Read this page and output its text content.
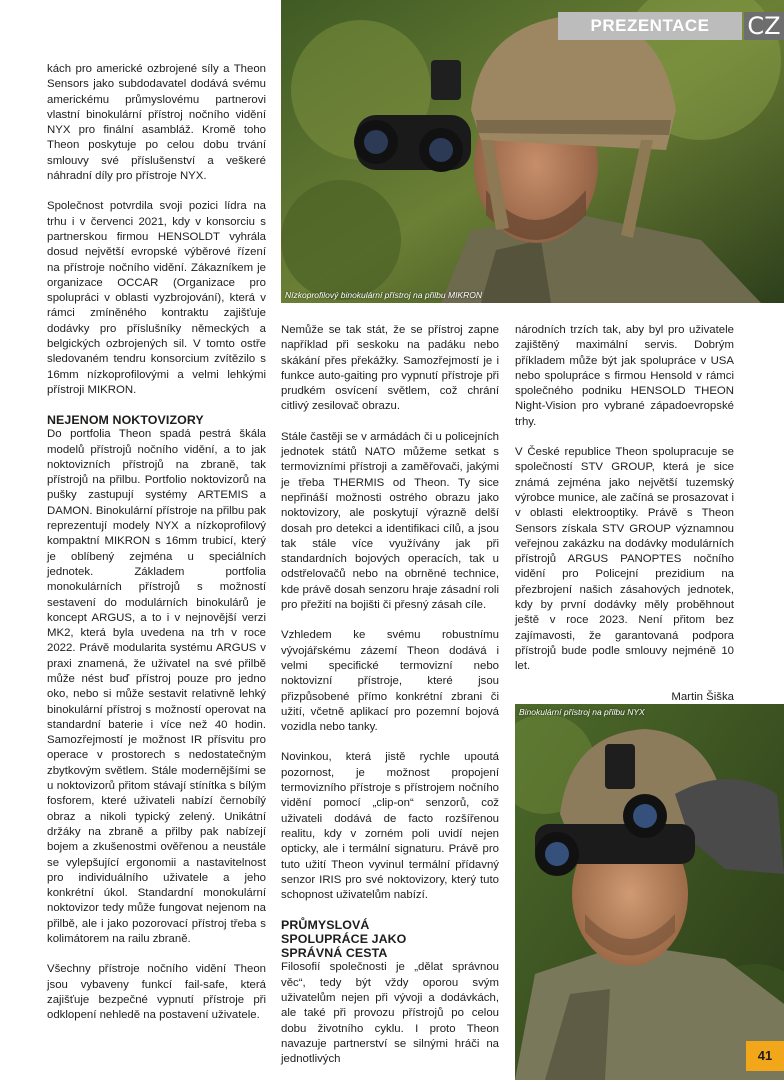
Nízkoprofilový binokulární přístroj na přilbu MIKRON
PREZENTACE	CZ

kách pro americké ozbrojené síly a Theon Sensors jako subdodavatel dodává svému americkému průmyslovému partnerovi vlastní binokulární přístroj nočního vidění NYX pro finální asambláž. Kromě toho Theon poskytuje po celou dobu trvání smlouvy své příslušenství a veškeré náhradní díly pro přístroje NYX.

Společnost potvrdila svoji pozici lídra na trhu i v červenci 2021, kdy v konsorciu s partnerskou firmou HENSOLDT vyhrála dosud největší evropské výběrové řízení na přístroje nočního vidění. Zákazníkem je organizace OCCAR (Organizace pro spolupráci v oblasti vyzbrojování), která v rámci zmíněného kontraktu zajišťuje dodávky pro příslušníky německých a belgických ozbrojených sil. V tomto ostře sledovaném tendru konsorcium zvítězilo s 16mm nízkoprofilovými a velmi lehkými přístroji MIKRON.

NEJENOM NOKTOVIZORY

Do portfolia Theon spadá pestrá škála modelů přístrojů nočního vidění, a to jak noktovizních přístrojů na zbraně, tak přístrojů na přilbu. Portfolio noktovizorů na pušky zastupují systémy ARTEMIS a DAMON. Binokulární přístroje na přilbu pak reprezentují modely NYX a nízkoprofilový kompaktní MIKRON s 16mm trubicí, který je oblíbený zejména u speciálních jednotek. Základem portfolia monokulárních přístrojů s možností sestavení do modulárních binokulárů je koncept ARGUS, a to i v nejnovější verzi MK2, která byla uvedena na trh v roce 2022. Právě modularita systému ARGUS v praxi znamená, že uživatel na své přilbě může nést buď přístroj pouze pro jedno oko, nebo si může sestavit relativně lehký binokulární přístroj s možností operovat na standardní baterie i více než 40 hodin. Samozřejmostí je možnost IR přísvitu pro operace v prostorech s nedostatečným zbytkovým světlem. Stále modernějšími se u noktovizorů přitom stávají stínítka s bílým fosforem, které uživateli nabízí černobílý obraz a nikoli typický zelený. Unikátní držáky na zbraně a přilby pak nabízejí bojem a zkušenostmi ověřenou a neustále se vylepšující ergonomii a nastavitelnost pro individuálního uživatele a jeho konkrétní úkol. Standardní monokulární noktovizor tedy může fungovat nejenom na přilbě, ale i jako pozorovací přístroj třeba s kolimátorem na railu zbraně.

Všechny přístroje nočního vidění Theon jsou vybaveny funkcí fail-safe, která zajišťuje bezpečné vypnutí přístroje při odklopení nehledě na postavení uživatele.

Nemůže se tak stát, že se přístroj zapne například při seskoku na padáku nebo skákání přes překážky. Samozřejmostí je i funkce auto-gaiting pro vypnutí přístroje při prudkém osvícení světlem, což chrání citlivý zesilovač obrazu.

Stále častěji se v armádách či u policejních jednotek států NATO můžeme setkat s termovizními přístroji a zaměřovači, jakými je třeba THERMIS od Theon. Ty sice nepřináší možnosti ostrého obrazu jako noktovizory, ale poskytují výrazně delší dosah pro detekci a identifikaci cílů, a jsou tak stále více využívány jak při standardních bojových operacích, tak u odstřelovačů nebo na obrněné technice, kde právě dosah senzoru hraje zásadní roli pro přežití na bojišti či přesný zásah cíle.

Vzhledem ke svému robustnímu vývojářskému zázemí Theon dodává i velmi specifické termovizní nebo noktovizní přístroje, které jsou přizpůsobené přímo konkrétní zbrani či užití, včetně aplikací pro pozemní bojová vozidla nebo tanky.

Novinkou, která jistě rychle upoutá pozornost, je možnost propojení termovizního přístroje s přístrojem nočního vidění pomocí „clip-on“ senzorů, což uživateli dodává de facto rozšířenou realitu, kdy v zorném poli uvidí nejen opticky, ale i termální signaturu. Právě pro tuto užití Theon vyvinul termální přídavný senzor IRIS pro své noktovizory, který tuto schopnost uživatelům nabízí.

PRŮMYSLOVÁ SPOLUPRÁCE JAKO SPRÁVNÁ CESTA

Filosofií společnosti je „dělat správnou věc“, tedy být vždy oporou svým uživatelům nejen při vývoji a dodávkách, ale také při provozu přístrojů po celou dobu životního cyklu. I proto Theon navazuje partnerství se silnými hráči na jednotlivých

národních trzích tak, aby byl pro uživatele zajištěný maximální servis. Dobrým příkladem může být jak spolupráce v USA nebo spolupráce s firmou Hensold v rámci společného podniku HENSOLD THEON Night-Vision pro vybrané západoevropské trhy.

V České republice Theon spolupracuje se společností STV GROUP, která je sice známá zejména jako největší tuzemský výrobce munice, ale začíná se prosazovat i v oblasti elektrooptiky. Právě s Theon Sensors získala STV GROUP významnou veřejnou zakázku na dodávky modulárních přístrojů ARGUS PANOPTES nočního vidění pro Policejní prezidium na přezbrojení našich zásahových jednotek, kdy by první dodávky měly proběhnout ještě v roce 2023. Není přitom bez zajímavosti, že garantovaná podpora přístrojů bude podle smlouvy nejméně 10 let.

Martin Šiška

Binokulární přístroj na přilbu NYX
41
